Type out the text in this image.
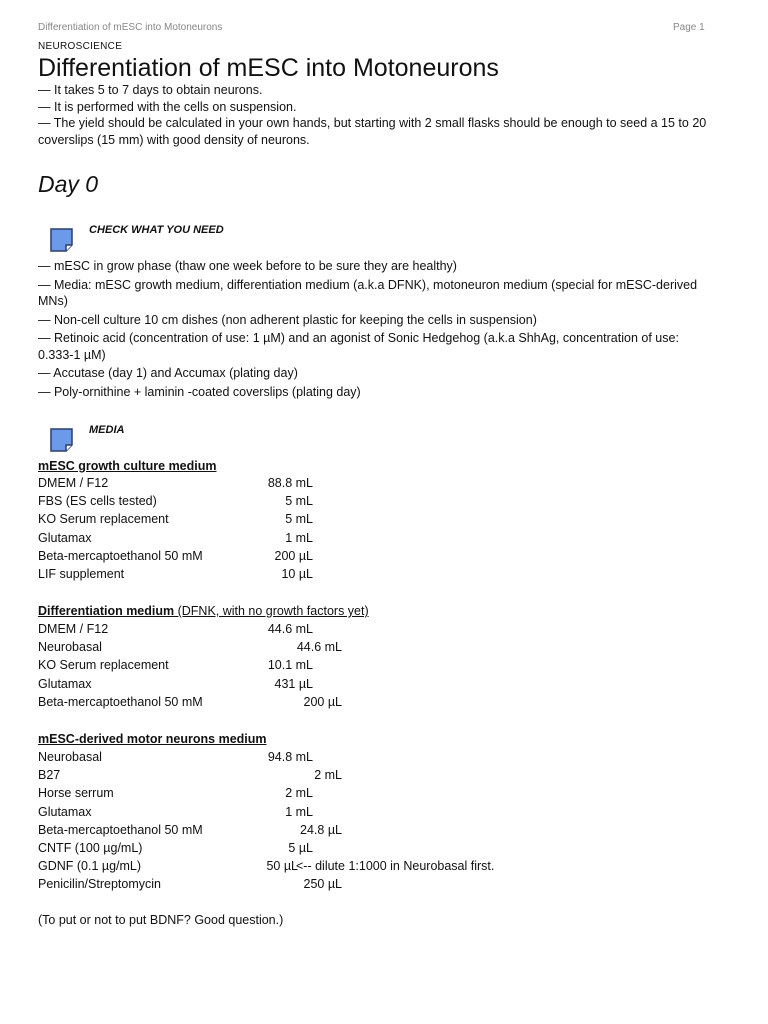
Differentiation of mESC into Motoneurons	Page 1
NEUROSCIENCE
Differentiation of mESC into Motoneurons
— It takes 5 to 7 days to obtain neurons.
— It is performed with the cells on suspension.
— The yield should be calculated in your own hands, but starting with 2 small flasks should be enough to seed a 15 to 20 coverslips (15 mm) with good density of neurons.
Day 0
CHECK WHAT YOU NEED
— mESC in grow phase (thaw one week before to be sure they are healthy)
— Media: mESC growth medium, differentiation medium (a.k.a DFNK), motoneuron medium (special for mESC-derived MNs)
— Non-cell culture 10 cm dishes (non adherent plastic for keeping the cells in suspension)
— Retinoic acid (concentration of use: 1 µM) and an agonist of Sonic Hedgehog (a.k.a ShhAg, concentration of use: 0.333-1 µM)
— Accutase (day 1) and Accumax (plating day)
— Poly-ornithine + laminin -coated coverslips (plating day)
MEDIA
mESC growth culture medium
DMEM / F12	88.8 mL
FBS (ES cells tested)	5 mL
KO Serum replacement	5 mL
Glutamax	1 mL
Beta-mercaptoethanol 50 mM	200 µL
LIF supplement	10 µL
Differentiation medium (DFNK, with no growth factors yet)
DMEM / F12	44.6 mL
Neurobasal	44.6 mL
KO Serum replacement	10.1 mL
Glutamax	431 µL
Beta-mercaptoethanol 50 mM	200 µL
mESC-derived motor neurons medium
Neurobasal	94.8 mL
B27	2 mL
Horse serrum	2 mL
Glutamax	1 mL
Beta-mercaptoethanol 50 mM	24.8 µL
CNTF (100 µg/mL)	5 µL
GDNF (0.1 µg/mL)	50 µL
<-- dilute 1:1000 in Neurobasal first.
Penicilin/Streptomycin	250 µL
(To put or not to put BDNF? Good question.)
